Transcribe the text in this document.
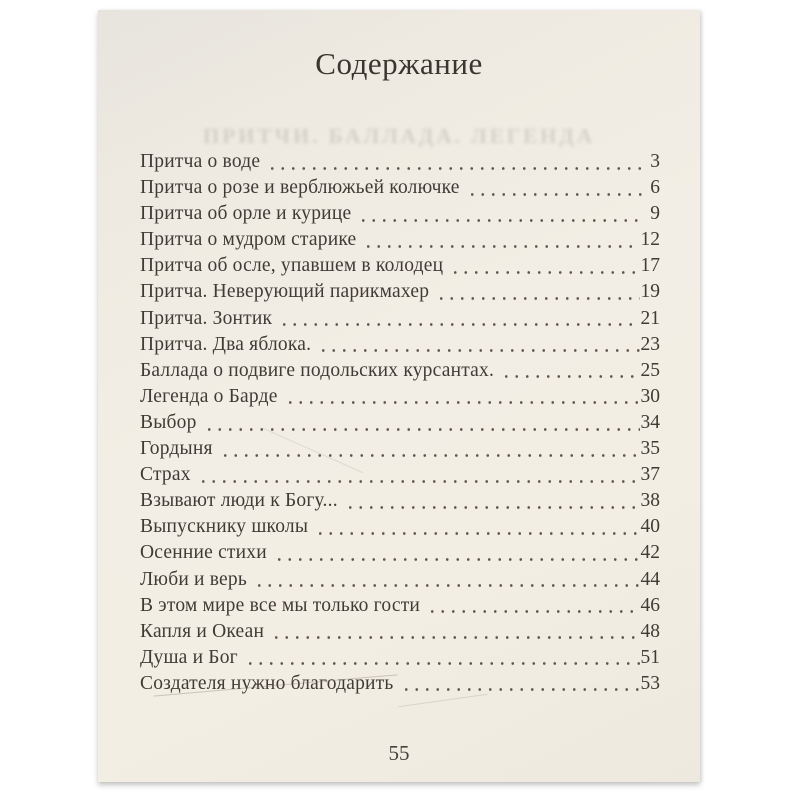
Содержание
ПРИТЧИ. БАЛЛАДА. ЛЕГЕНДА
Притча о воде	3
Притча о розе и верблюжьей колючке	6
Притча об орле и курице	9
Притча о мудром старике	12
Притча об осле, упавшем в колодец	17
Притча. Неверующий парикмахер	19
Притча. Зонтик	21
Притча. Два яблока.	23
Баллада о подвиге подольских курсантах.	25
Легенда о Барде	30
Выбор	34
Гордыня	35
Страх	37
Взывают люди к Богу...	38
Выпускнику школы	40
Осенние стихи	42
Люби и верь	44
В этом мире все мы только гости	46
Капля и Океан	48
Душа и Бог	51
Создателя нужно благодарить	53
55
